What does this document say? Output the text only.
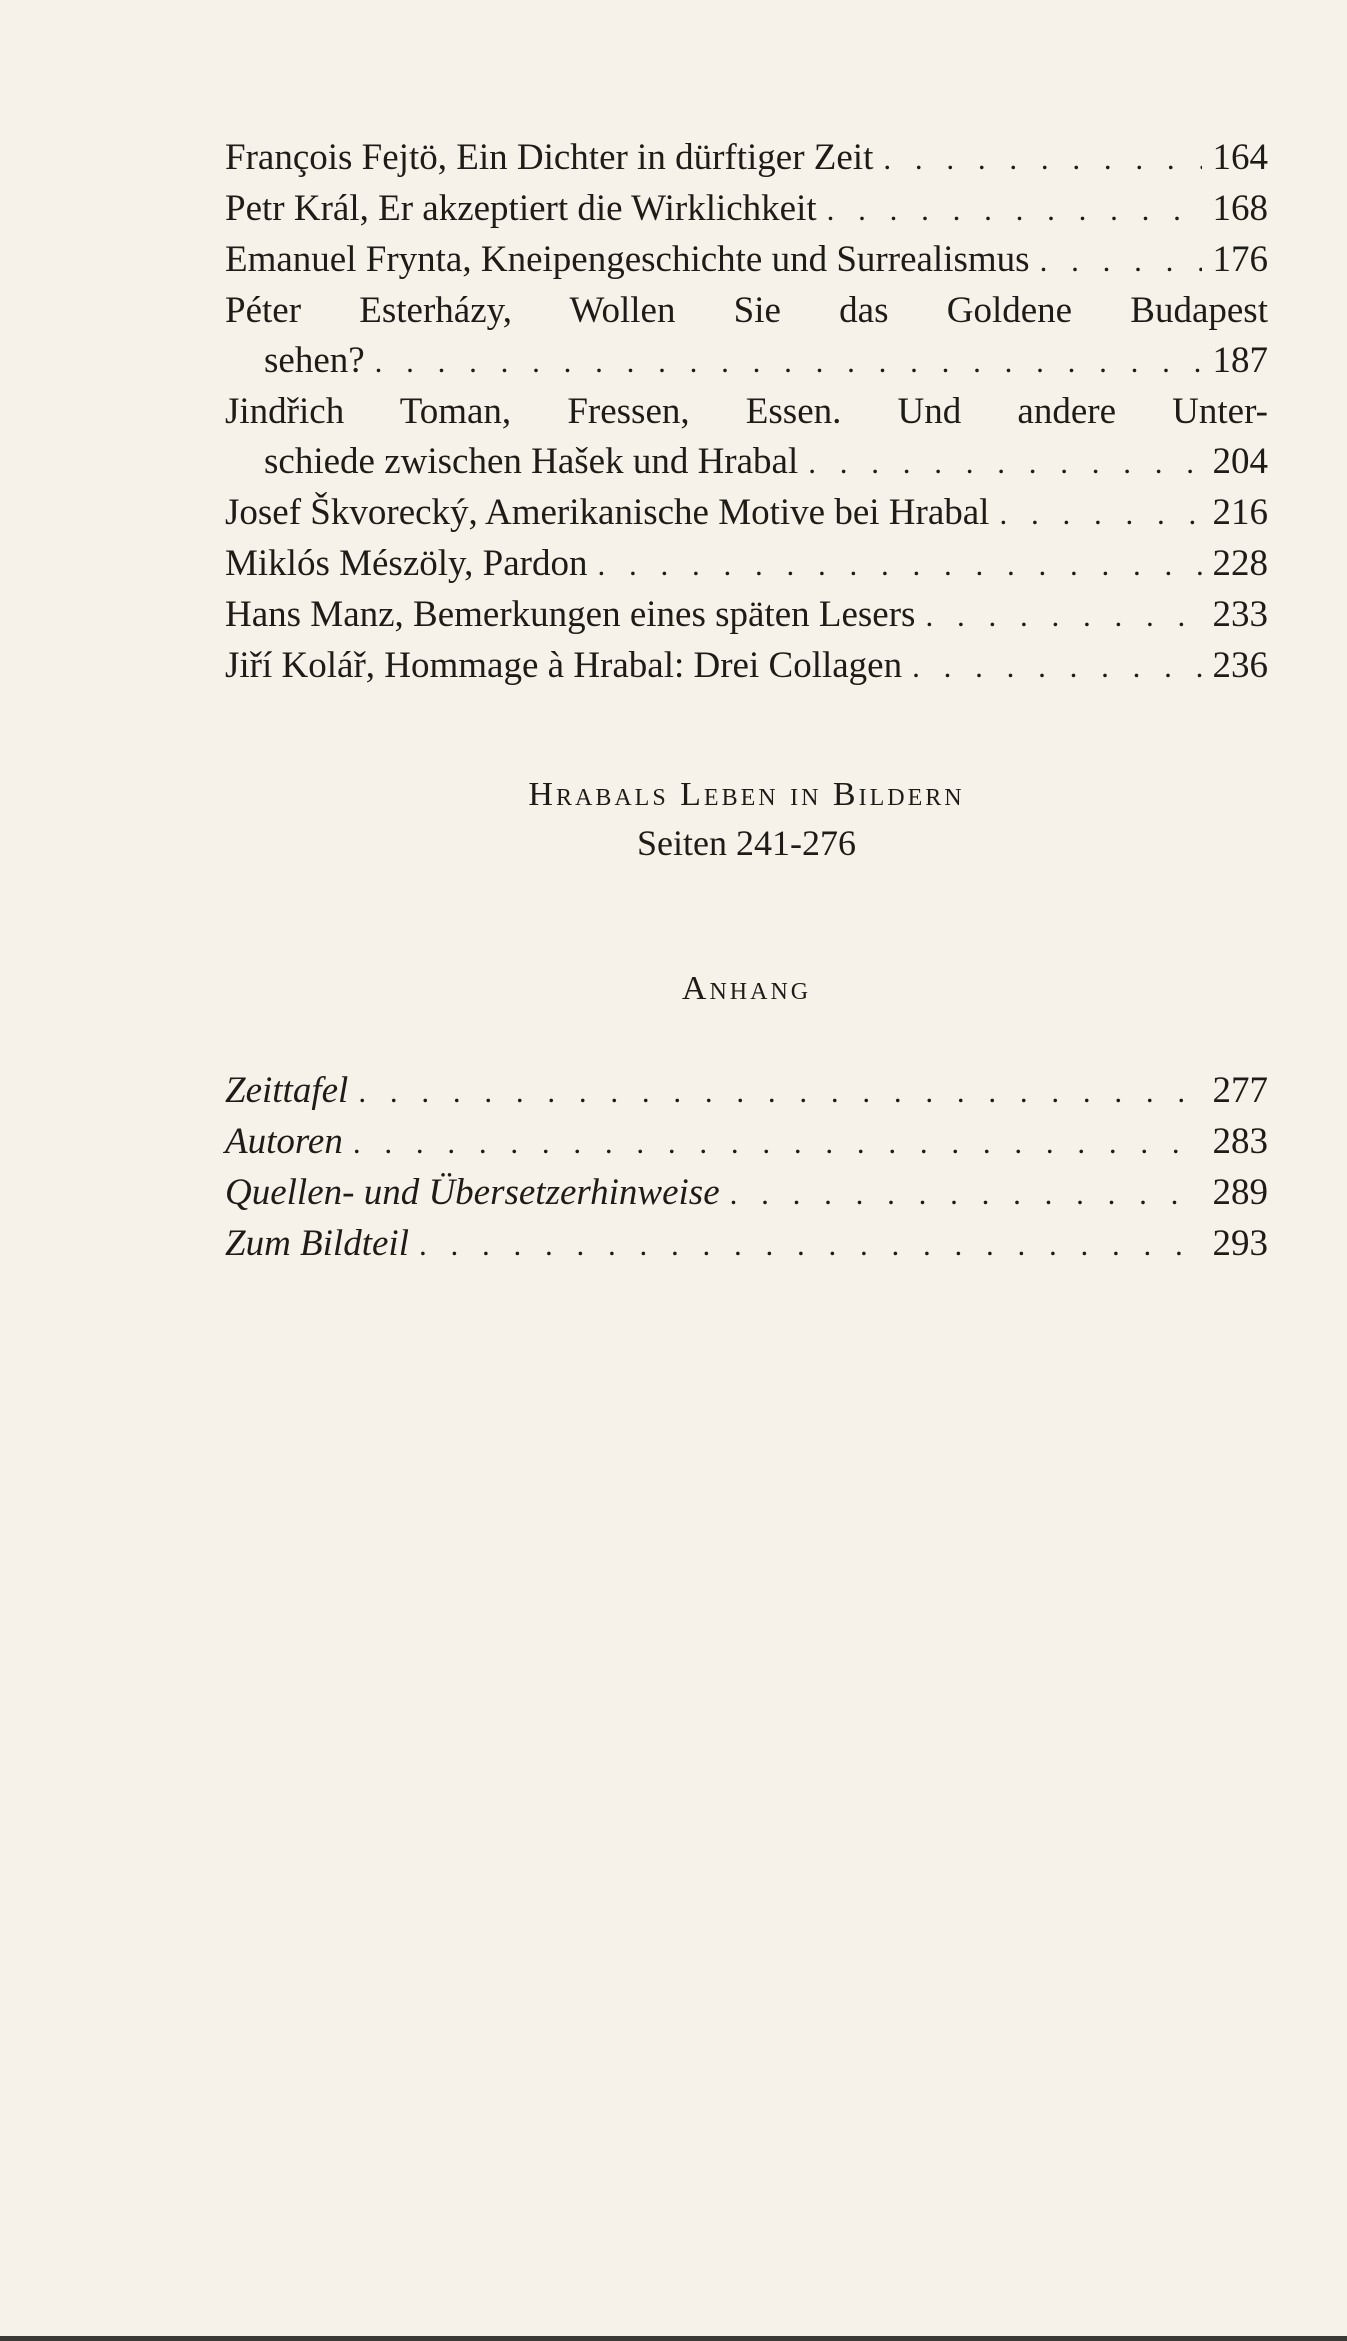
François Fejtö, Ein Dichter in dürftiger Zeit . . .	164
Petr Král, Er akzeptiert die Wirklichkeit . . .	168
Emanuel Frynta, Kneipengeschichte und Surrealismus . . .	176
Péter Esterházy, Wollen Sie das Goldene Budapest
sehen? . . .	187
Jindřich Toman, Fressen, Essen. Und andere Unter-
schiede zwischen Hašek und Hrabal . . .	204
Josef Škvorecký, Amerikanische Motive bei Hrabal . . .	216
Miklós Mészöly, Pardon . . .	228
Hans Manz, Bemerkungen eines späten Lesers . . .	233
Jiří Kolář, Hommage à Hrabal: Drei Collagen . . .	236
Hrabals Leben in Bildern
Seiten 241-276
Anhang
Zeittafel . . .	277
Autoren . . .	283
Quellen- und Übersetzerhinweise . . .	289
Zum Bildteil . . .	293
